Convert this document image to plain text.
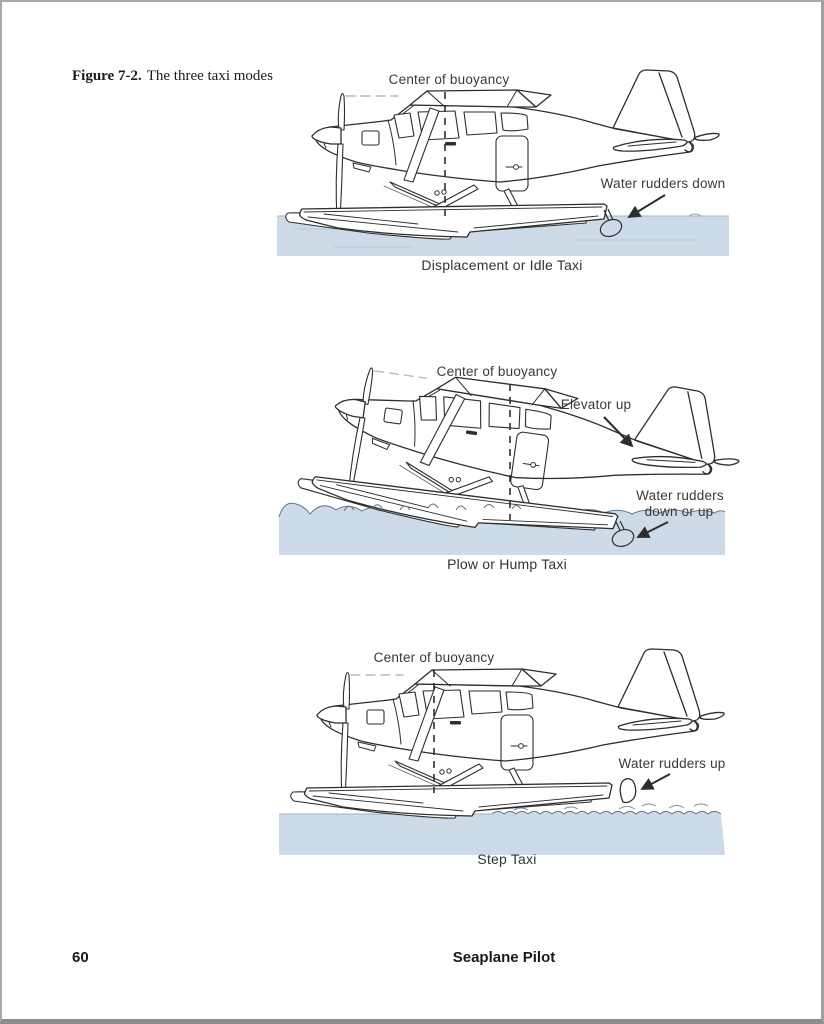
Figure 7-2. The three taxi modes	Center of buoyancy
Water rudders down
Displacement or Idle Taxi
Center of buoyancy
Elevator up
Water rudders
down or up
Plow or Hump Taxi
Center of buoyancy
Water rudders up
Step Taxi
60	Seaplane Pilot
